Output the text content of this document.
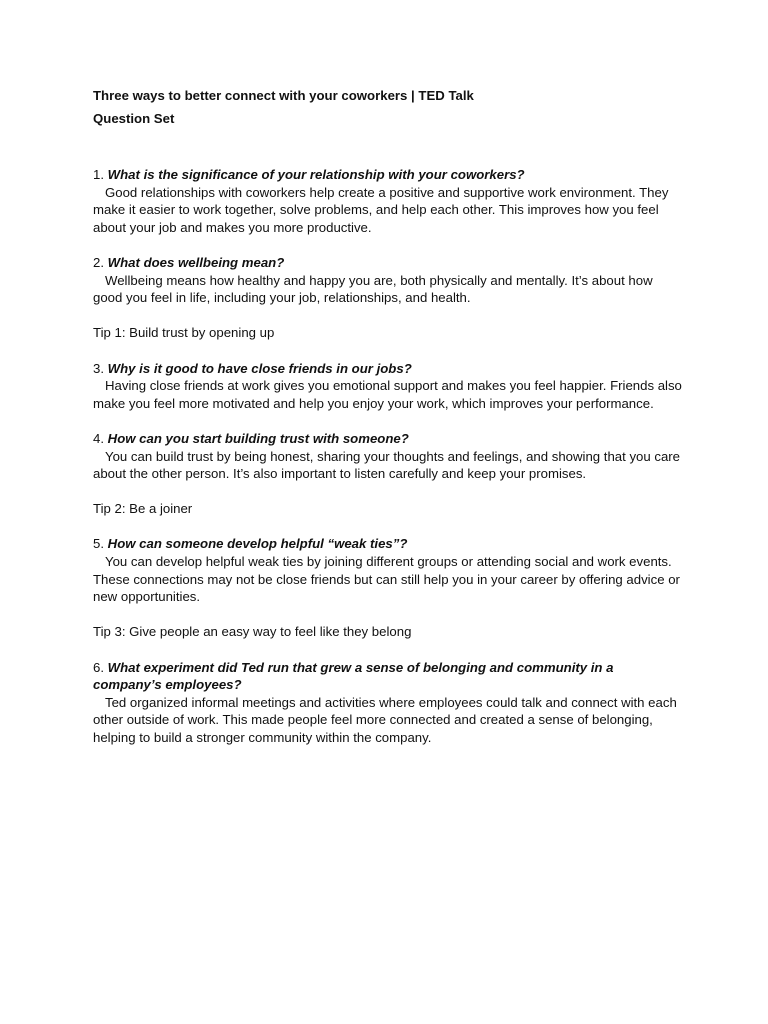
Three ways to better connect with your coworkers | TED Talk

Question Set

1. What is the significance of your relationship with your coworkers?

Good relationships with coworkers help create a positive and supportive work environment. They make it easier to work together, solve problems, and help each other. This improves how you feel about your job and makes you more productive.

2. What does wellbeing mean?

Wellbeing means how healthy and happy you are, both physically and mentally. It’s about how good you feel in life, including your job, relationships, and health.

Tip 1: Build trust by opening up

3. Why is it good to have close friends in our jobs?

Having close friends at work gives you emotional support and makes you feel happier. Friends also make you feel more motivated and help you enjoy your work, which improves your performance.

4. How can you start building trust with someone?

You can build trust by being honest, sharing your thoughts and feelings, and showing that you care about the other person. It’s also important to listen carefully and keep your promises.

Tip 2: Be a joiner

5. How can someone develop helpful “weak ties”?

You can develop helpful weak ties by joining different groups or attending social and work events. These connections may not be close friends but can still help you in your career by offering advice or new opportunities.

Tip 3: Give people an easy way to feel like they belong

6. What experiment did Ted run that grew a sense of belonging and community in a company’s employees?

Ted organized informal meetings and activities where employees could talk and connect with each other outside of work. This made people feel more connected and created a sense of belonging, helping to build a stronger community within the company.
